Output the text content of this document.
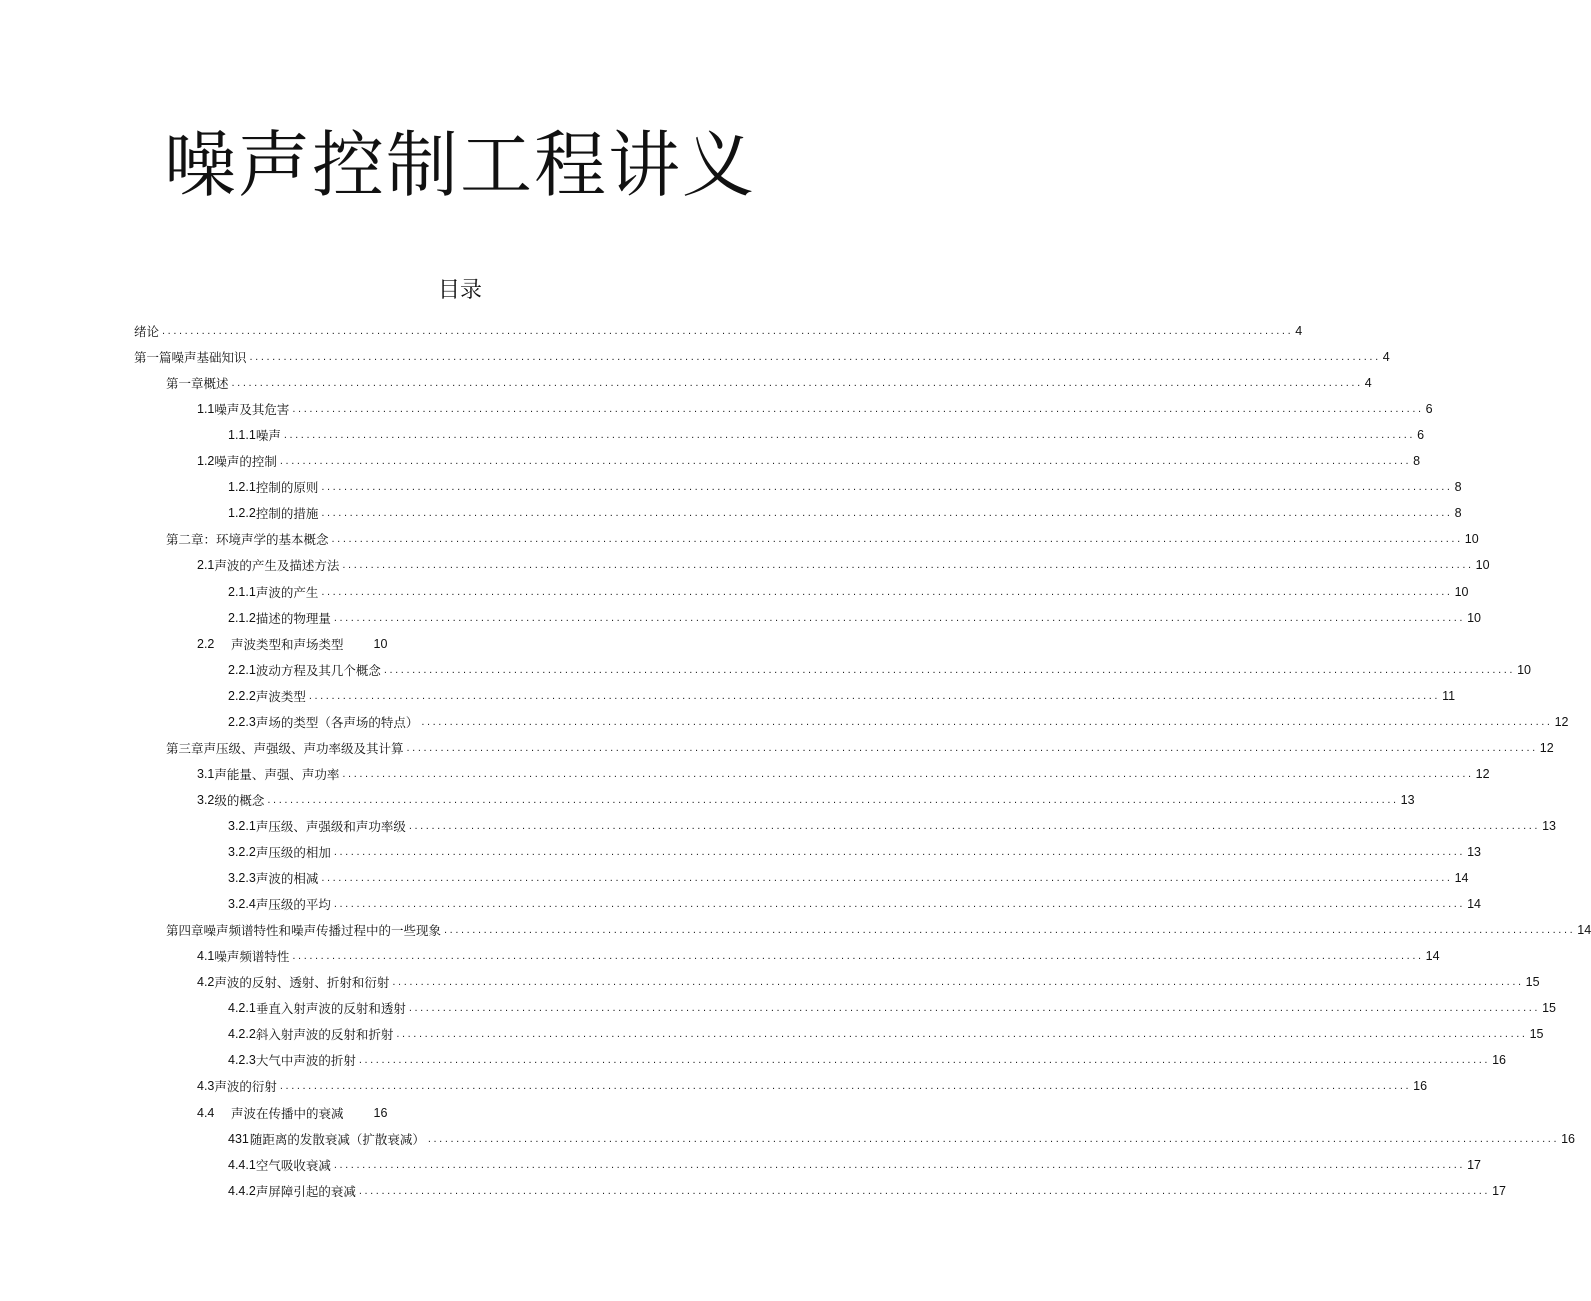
噪声控制工程讲义
目录
绪论 ........................................................................................................................................................................................................ 4
第一篇噪声基础知识 ........................................................................................................................................................................................................ 4
第一章概述 ........................................................................................................................................................................................................ 4
1.1 噪声及其危害 ........................................................................................................................................................................................................ 6
1.1.1 噪声 ........................................................................................................................................................................................................ 6
1.2 噪声的控制 ........................................................................................................................................................................................................ 8
1.2.1 控制的原则 ........................................................................................................................................................................................................ 8
1.2.2 控制的措施 ........................................................................................................................................................................................................ 8
第二章：环境声学的基本概念 ........................................................................................................................................................................................................ 10
2.1 声波的产生及描述方法 ........................................................................................................................................................................................................ 10
2.1.1 声波的产生 ........................................................................................................................................................................................................ 10
2.1.2 描述的物理量 ........................................................................................................................................................................................................ 10
2.2	声波类型和声场类型 10
2.2.1 波动方程及其几个概念 ........................................................................................................................................................................................................ 10
2.2.2 声波类型 ........................................................................................................................................................................................................ 11
2.2.3 声场的类型（各声场的特点） ........................................................................................................................................................................................................ 12
第三章 声压级、声强级、声功率级及其计算 ........................................................................................................................................................................................................ 12
3.1 声能量、声强、声功率 ........................................................................................................................................................................................................ 12
3.2 级的概念 ........................................................................................................................................................................................................ 13
3.2.1 声压级、声强级和声功率级 ........................................................................................................................................................................................................ 13
3.2.2 声压级的相加 ........................................................................................................................................................................................................ 13
3.2.3 声波的相减 ........................................................................................................................................................................................................ 14
3.2.4 声压级的平均 ........................................................................................................................................................................................................ 14
第四章 噪声频谱特性和噪声传播过程中的一些现象 ........................................................................................................................................................................................................ 14
4.1 噪声频谱特性 ........................................................................................................................................................................................................ 14
4.2 声波的反射、透射、折射和衍射 ........................................................................................................................................................................................................ 15
4.2.1 垂直入射声波的反射和透射 ........................................................................................................................................................................................................ 15
4.2.2 斜入射声波的反射和折射 ........................................................................................................................................................................................................ 15
4.2.3 大气中声波的折射 ........................................................................................................................................................................................................ 16
4.3 声波的衍射 ........................................................................................................................................................................................................ 16
4.4	声波在传播中的衰减 16
431 随距离的发散衰减（扩散衰减） ........................................................................................................................................................................................................ 16
4.4.1 空气吸收衰减 ........................................................................................................................................................................................................ 17
4.4.2 声屏障引起的衰减 ........................................................................................................................................................................................................ 17
